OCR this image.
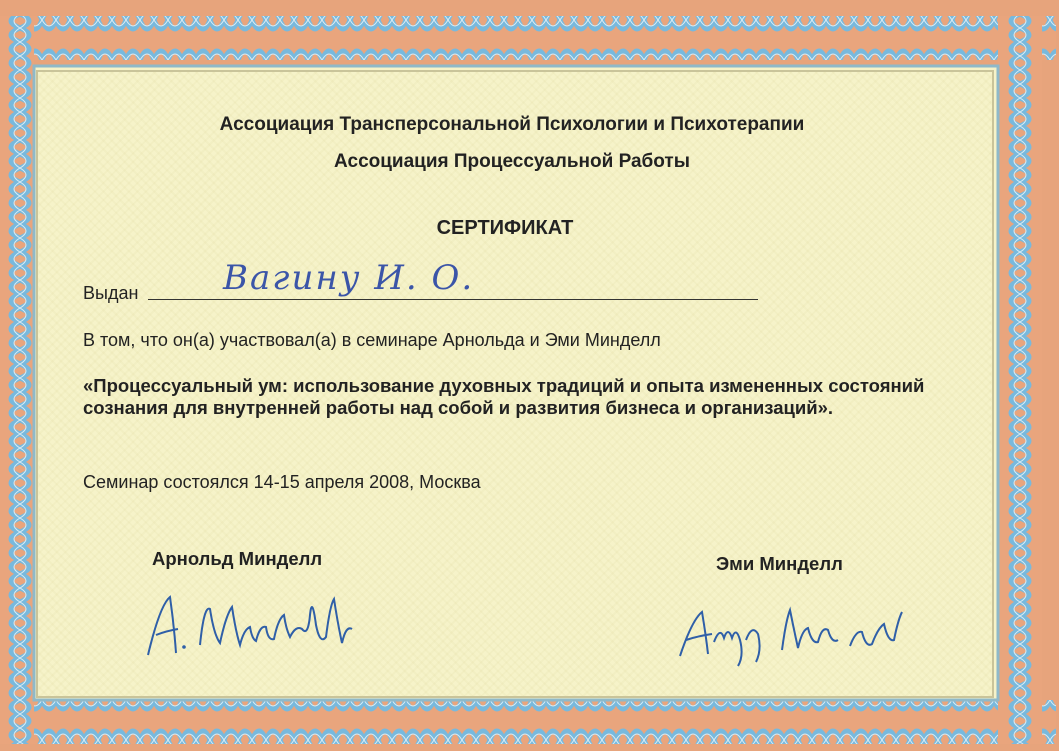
Ассоциация Трансперсональной Психологии и Психотерапии
Ассоциация Процессуальной Работы
СЕРТИФИКАТ
Выдан Вагину И. О.
В том, что он(а) участвовал(а) в семинаре Арнольда и Эми Минделл
«Процессуальный ум: использование духовных традиций и опыта измененных состояний сознания для внутренней работы над собой и развития бизнеса и организаций».
Семинар состоялся 14-15 апреля 2008, Москва
Арнольд Минделл	Эми Минделл
